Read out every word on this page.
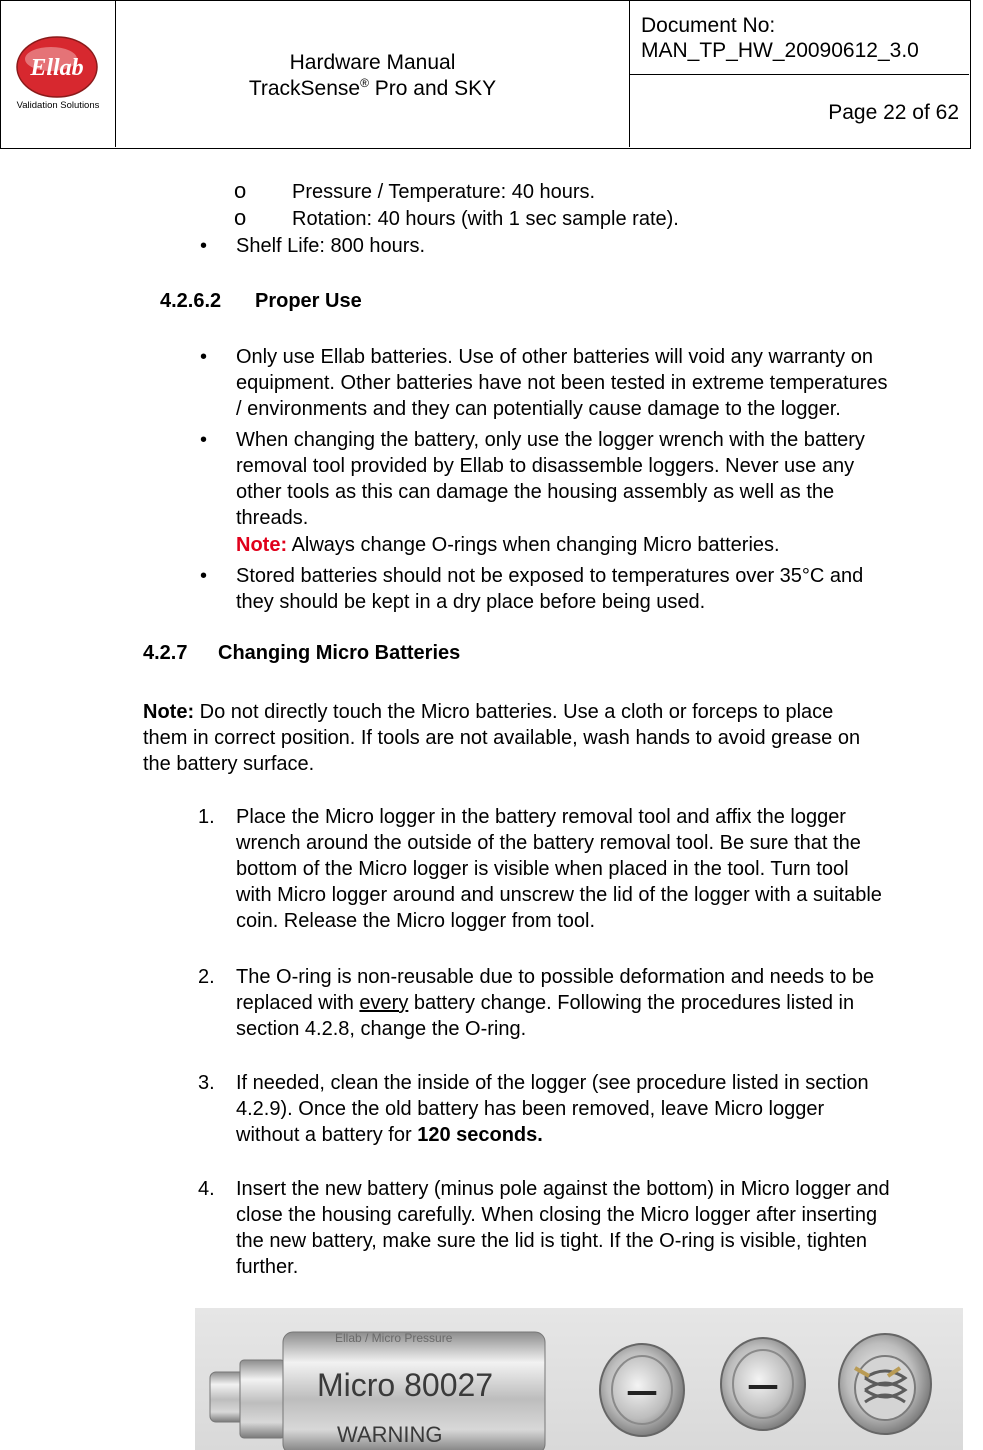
Ellab
Validation Solutions
Hardware Manual
TrackSense® Pro and SKY
Document No:
MAN_TP_HW_20090612_3.0
Page 22 of 62
o Pressure / Temperature: 40 hours.
o Rotation: 40 hours (with 1 sec sample rate).
• Shelf Life: 800 hours.
4.2.6.2 Proper Use
• Only use Ellab batteries. Use of other batteries will void any warranty on
equipment. Other batteries have not been tested in extreme temperatures
/ environments and they can potentially cause damage to the logger.
• When changing the battery, only use the logger wrench with the battery
removal tool provided by Ellab to disassemble loggers. Never use any
other tools as this can damage the housing assembly as well as the
threads.
Note: Always change O-rings when changing Micro batteries.
• Stored batteries should not be exposed to temperatures over 35°C and
they should be kept in a dry place before being used.
4.2.7 Changing Micro Batteries
Note: Do not directly touch the Micro batteries. Use a cloth or forceps to place
them in correct position. If tools are not available, wash hands to avoid grease on
the battery surface.
1. Place the Micro logger in the battery removal tool and affix the logger
wrench around the outside of the battery removal tool. Be sure that the
bottom of the Micro logger is visible when placed in the tool. Turn tool
with Micro logger around and unscrew the lid of the logger with a suitable
coin. Release the Micro logger from tool.
2. The O-ring is non-reusable due to possible deformation and needs to be
replaced with every battery change. Following the procedures listed in
section 4.2.8, change the O-ring.
3. If needed, clean the inside of the logger (see procedure listed in section
4.2.9). Once the old battery has been removed, leave Micro logger
without a battery for 120 seconds.
4. Insert the new battery (minus pole against the bottom) in Micro logger and
close the housing carefully. When closing the Micro logger after inserting
the new battery, make sure the lid is tight. If the O-ring is visible, tighten
further.
Ellab / Micro Pressure
Micro 80027
WARNING
—	—
